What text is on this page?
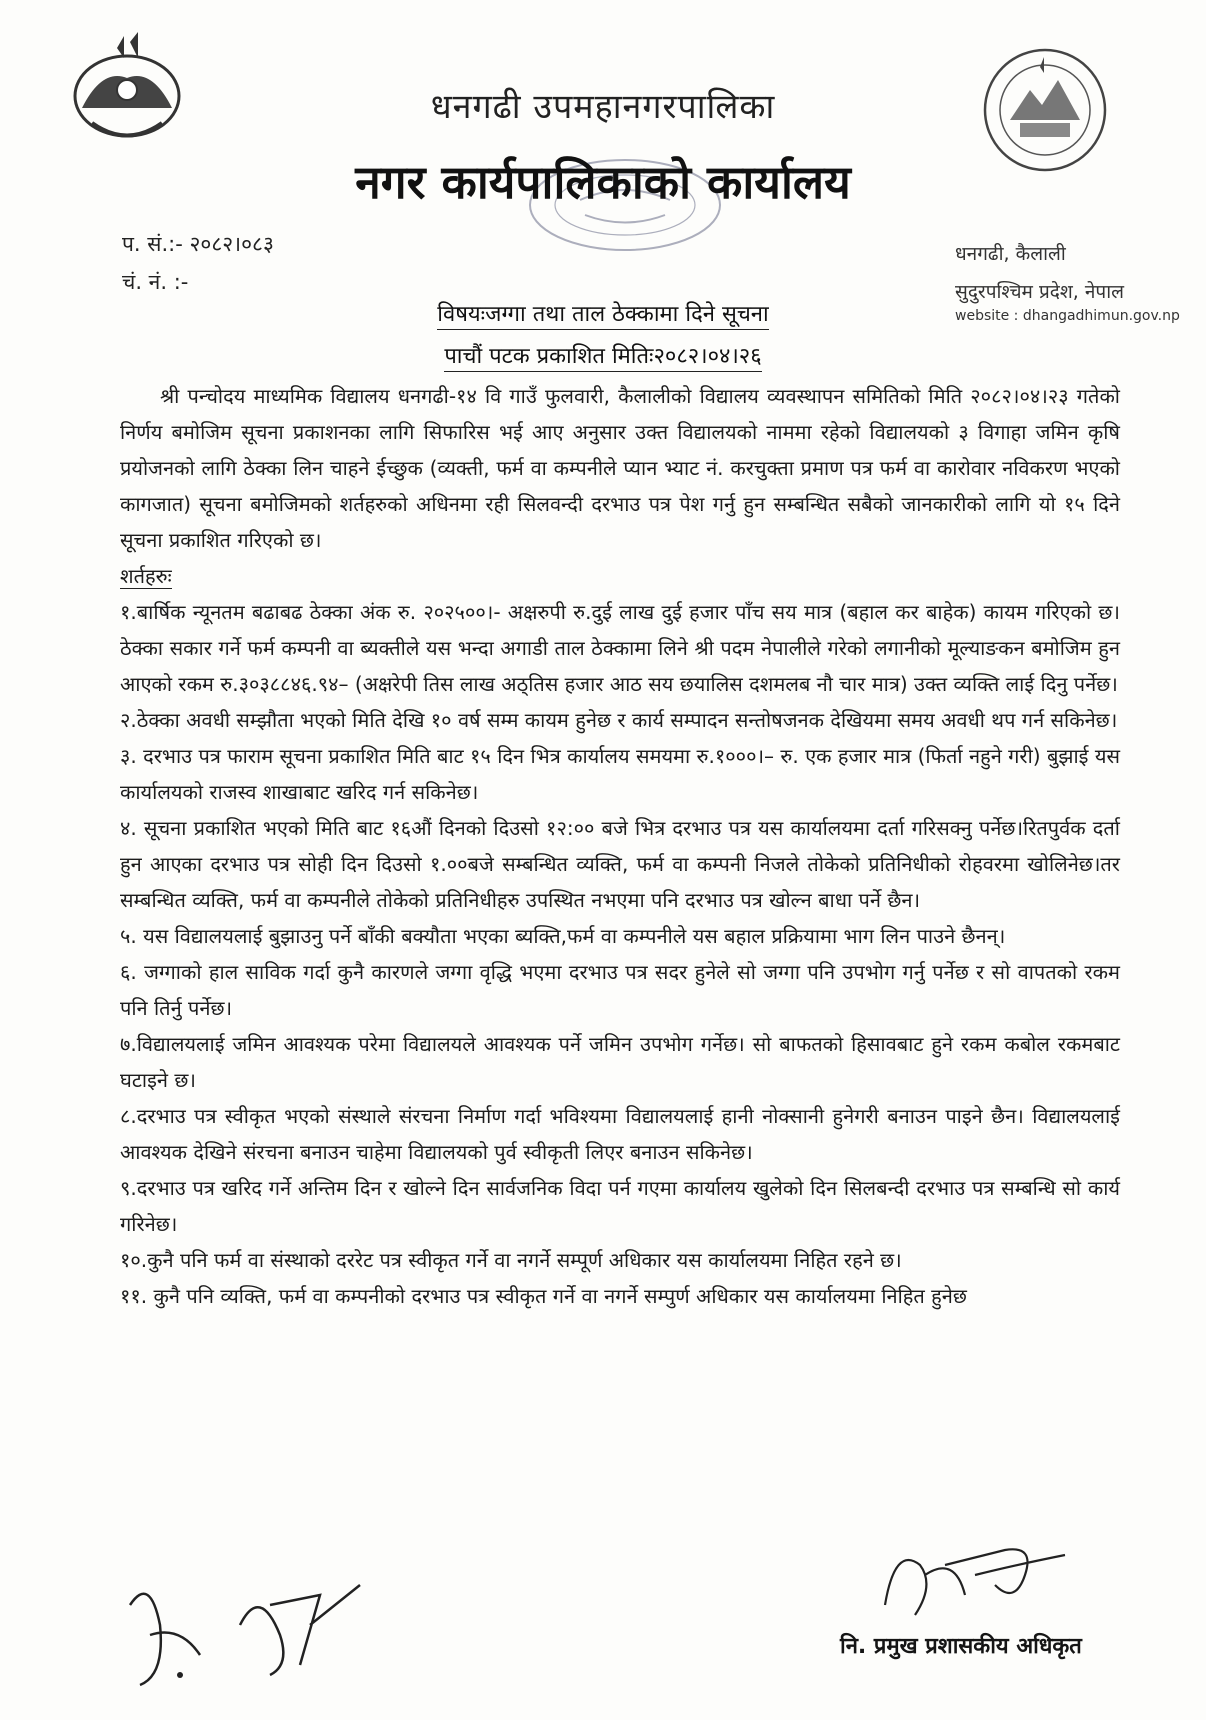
धनगढी उपमहानगरपालिका
नगर कार्यपालिकाको कार्यालय
प. सं.:- २०८२।०८३
चं. नं. :-
धनगढी, कैलाली
सुदुरपश्चिम प्रदेश, नेपाल
website : dhangadhimun.gov.np
विषयःजग्गा तथा ताल ठेक्कामा दिने सूचना
पाचौं पटक प्रकाशित मितिः२०८२।०४।२६

श्री पन्चोदय माध्यमिक विद्यालय धनगढी-१४ वि गाउँ फुलवारी, कैलालीको विद्यालय व्यवस्थापन समितिको मिति २०८२।०४।२३ गतेको निर्णय बमोजिम सूचना प्रकाशनका लागि सिफारिस भई आए अनुसार उक्त विद्यालयको नाममा रहेको विद्यालयको ३ विगाहा जमिन कृषि प्रयोजनको लागि ठेक्का लिन चाहने ईच्छुक (व्यक्ती, फर्म वा कम्पनीले प्यान भ्याट नं. करचुक्ता प्रमाण पत्र फर्म वा कारोवार नविकरण भएको कागजात) सूचना बमोजिमको शर्तहरुको अधिनमा रही सिलवन्दी दरभाउ पत्र पेश गर्नु हुन सम्बन्धित सबैको जानकारीको लागि यो १५ दिने सूचना प्रकाशित गरिएको छ।

शर्तहरुः

१.बार्षिक न्यूनतम बढाबढ ठेक्का अंक रु. २०२५००।- अक्षरुपी रु.दुई लाख दुई हजार पाँच सय मात्र (बहाल कर बाहेक) कायम गरिएको छ। ठेक्का सकार गर्ने फर्म कम्पनी वा ब्यक्तीले यस भन्दा अगाडी ताल ठेक्कामा लिने श्री पदम नेपालीले गरेको लगानीको मूल्याङकन बमोजिम हुन आएको रकम रु.३०३८८४६.९४– (अक्षरेपी तिस लाख अठ्तिस हजार आठ सय छयालिस दशमलब नौ चार मात्र) उक्त व्यक्ति लाई दिनु पर्नेछ।

२.ठेक्का अवधी सम्झौता भएको मिति देखि १० वर्ष सम्म कायम हुनेछ र कार्य सम्पादन सन्तोषजनक देखियमा समय अवधी थप गर्न सकिनेछ।

३. दरभाउ पत्र फाराम सूचना प्रकाशित मिति बाट १५ दिन भित्र कार्यालय समयमा रु.१०००।– रु. एक हजार मात्र (फिर्ता नहुने गरी) बुझाई यस कार्यालयको राजस्व शाखाबाट खरिद गर्न सकिनेछ।

४. सूचना प्रकाशित भएको मिति बाट १६औं दिनको दिउसो १२:०० बजे भित्र दरभाउ पत्र यस कार्यालयमा दर्ता गरिसक्नु पर्नेछ।रितपुर्वक दर्ता हुन आएका दरभाउ पत्र सोही दिन दिउसो १.००बजे सम्बन्धित व्यक्ति, फर्म वा कम्पनी निजले तोकेको प्रतिनिधीको रोहवरमा खोलिनेछ।तर सम्बन्धित व्यक्ति, फर्म वा कम्पनीले तोकेको प्रतिनिधीहरु उपस्थित नभएमा पनि दरभाउ पत्र खोल्न बाधा पर्ने छैन।

५. यस विद्यालयलाई बुझाउनु पर्ने बाँकी बक्यौता भएका ब्यक्ति,फर्म वा कम्पनीले यस बहाल प्रक्रियामा भाग लिन पाउने छैनन्।

६. जग्गाको हाल साविक गर्दा कुनै कारणले जग्गा वृद्धि भएमा दरभाउ पत्र सदर हुनेले सो जग्गा पनि उपभोग गर्नु पर्नेछ र सो वापतको रकम पनि तिर्नु पर्नेछ।

७.विद्यालयलाई जमिन आवश्यक परेमा विद्यालयले आवश्यक पर्ने जमिन उपभोग गर्नेछ। सो बाफतको हिसावबाट हुने रकम कबोल रकमबाट घटाइने छ।

८.दरभाउ पत्र स्वीकृत भएको संस्थाले संरचना निर्माण गर्दा भविश्यमा विद्यालयलाई हानी नोक्सानी हुनेगरी बनाउन पाइने छैन। विद्यालयलाई आवश्यक देखिने संरचना बनाउन चाहेमा विद्यालयको पुर्व स्वीकृती लिएर बनाउन सकिनेछ।

९.दरभाउ पत्र खरिद गर्ने अन्तिम दिन र खोल्ने दिन सार्वजनिक विदा पर्न गएमा कार्यालय खुलेको दिन सिलबन्दी दरभाउ पत्र सम्बन्धि सो कार्य गरिनेछ।

१०.कुनै पनि फर्म वा संस्थाको दररेट पत्र स्वीकृत गर्ने वा नगर्ने सम्पूर्ण अधिकार यस कार्यालयमा निहित रहने छ।

११. कुनै पनि व्यक्ति, फर्म वा कम्पनीको दरभाउ पत्र स्वीकृत गर्ने वा नगर्ने सम्पुर्ण अधिकार यस कार्यालयमा निहित हुनेछ

नि. प्रमुख प्रशासकीय अधिकृत
